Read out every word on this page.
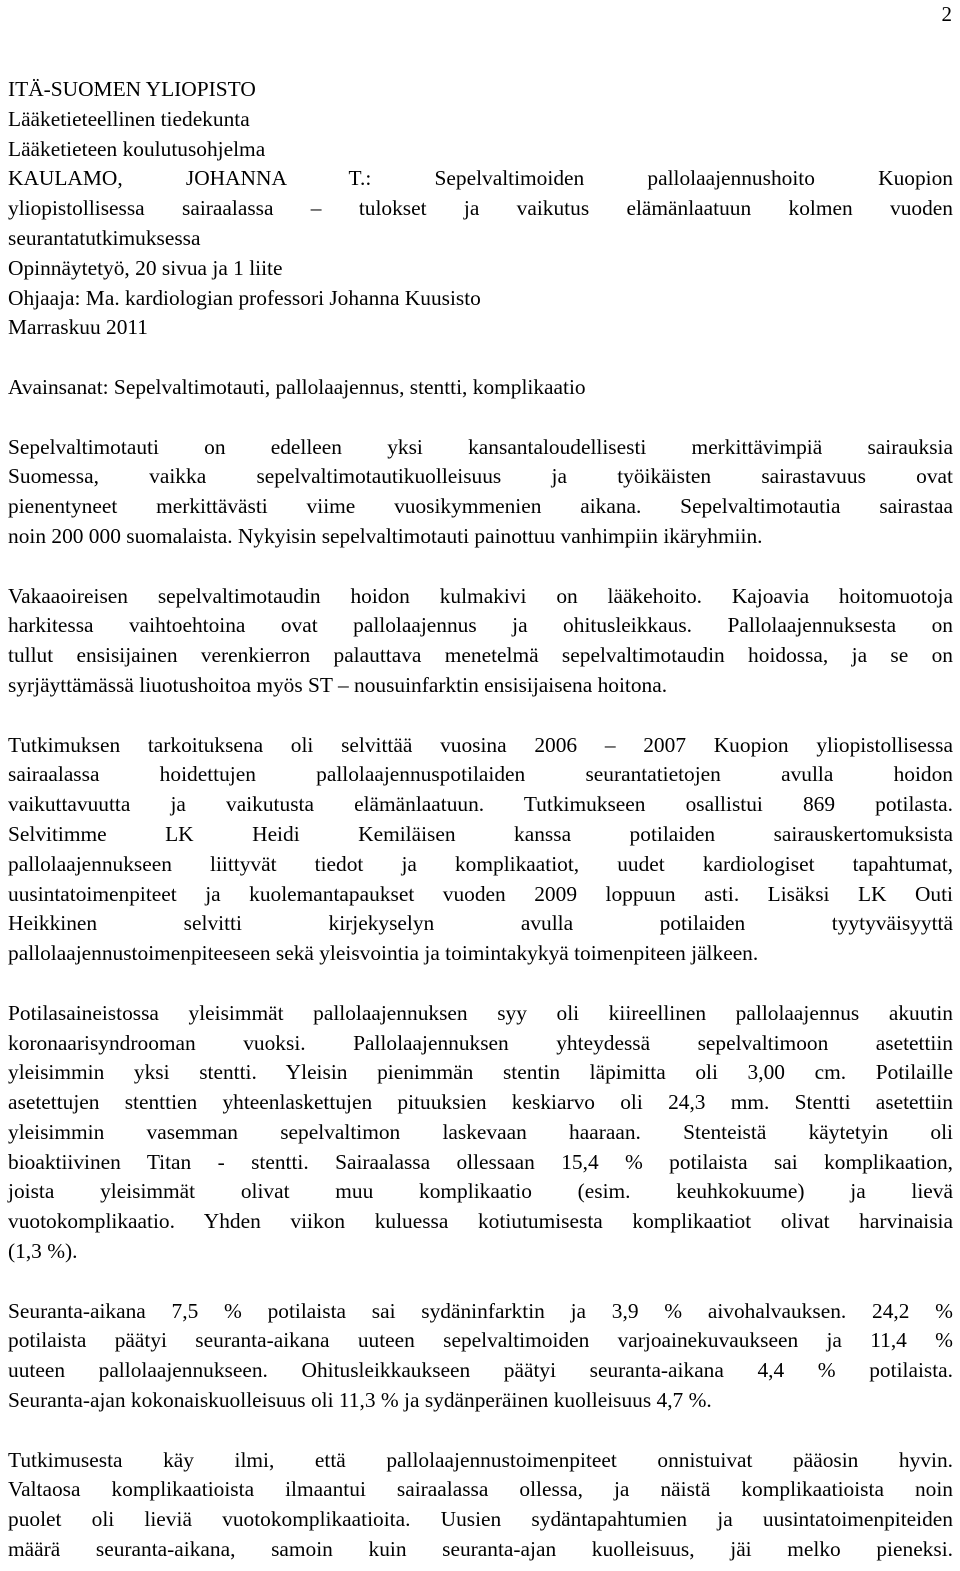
2
ITÄ-SUOMEN YLIOPISTO
Lääketieteellinen tiedekunta
Lääketieteen koulutusohjelma
KAULAMO, JOHANNA T.: Sepelvaltimoiden pallolaajennushoito Kuopion
yliopistollisessa sairaalassa – tulokset ja vaikutus elämänlaatuun kolmen vuoden
seurantatutkimuksessa
Opinnäytetyö, 20 sivua ja 1 liite
Ohjaaja: Ma. kardiologian professori Johanna Kuusisto
Marraskuu 2011
Avainsanat: Sepelvaltimotauti, pallolaajennus, stentti, komplikaatio
Sepelvaltimotauti on edelleen yksi kansantaloudellisesti merkittävimpiä sairauksia
Suomessa, vaikka sepelvaltimotautikuolleisuus ja työikäisten sairastavuus ovat
pienentyneet merkittävästi viime vuosikymmenien aikana. Sepelvaltimotautia sairastaa
noin 200 000 suomalaista. Nykyisin sepelvaltimotauti painottuu vanhimpiin ikäryhmiin.
Vakaaoireisen sepelvaltimotaudin hoidon kulmakivi on lääkehoito. Kajoavia hoitomuotoja
harkitessa vaihtoehtoina ovat pallolaajennus ja ohitusleikkaus. Pallolaajennuksesta on
tullut ensisijainen verenkierron palauttava menetelmä sepelvaltimotaudin hoidossa, ja se on
syrjäyttämässä liuotushoitoa myös ST – nousuinfarktin ensisijaisena hoitona.
Tutkimuksen tarkoituksena oli selvittää vuosina 2006 – 2007 Kuopion yliopistollisessa
sairaalassa hoidettujen pallolaajennuspotilaiden seurantatietojen avulla hoidon
vaikuttavuutta ja vaikutusta elämänlaatuun. Tutkimukseen osallistui 869 potilasta.
Selvitimme LK Heidi Kemiläisen kanssa potilaiden sairauskertomuksista
pallolaajennukseen liittyvät tiedot ja komplikaatiot, uudet kardiologiset tapahtumat,
uusintatoimenpiteet ja kuolemantapaukset vuoden 2009 loppuun asti. Lisäksi LK Outi
Heikkinen selvitti kirjekyselyn avulla potilaiden tyytyväisyyttä
pallolaajennustoimenpiteeseen sekä yleisvointia ja toimintakykyä toimenpiteen jälkeen.
Potilasaineistossa yleisimmät pallolaajennuksen syy oli kiireellinen pallolaajennus akuutin
koronaarisyndrooman vuoksi. Pallolaajennuksen yhteydessä sepelvaltimoon asetettiin
yleisimmin yksi stentti. Yleisin pienimmän stentin läpimitta oli 3,00 cm. Potilaille
asetettujen stenttien yhteenlaskettujen pituuksien keskiarvo oli 24,3 mm. Stentti asetettiin
yleisimmin vasemman sepelvaltimon laskevaan haaraan. Stenteistä käytetyin oli
bioaktiivinen Titan - stentti. Sairaalassa ollessaan 15,4 % potilaista sai komplikaation,
joista yleisimmät olivat muu komplikaatio (esim. keuhkokuume) ja lievä
vuotokomplikaatio. Yhden viikon kuluessa kotiutumisesta komplikaatiot olivat harvinaisia
(1,3 %).
Seuranta-aikana 7,5 % potilaista sai sydäninfarktin ja 3,9 % aivohalvauksen. 24,2 %
potilaista päätyi seuranta-aikana uuteen sepelvaltimoiden varjoainekuvaukseen ja 11,4 %
uuteen pallolaajennukseen. Ohitusleikkaukseen päätyi seuranta-aikana 4,4 % potilaista.
Seuranta-ajan kokonaiskuolleisuus oli 11,3 % ja sydänperäinen kuolleisuus 4,7 %.
Tutkimusesta käy ilmi, että pallolaajennustoimenpiteet onnistuivat pääosin hyvin.
Valtaosa komplikaatioista ilmaantui sairaalassa ollessa, ja näistä komplikaatioista noin
puolet oli lieviä vuotokomplikaatioita. Uusien sydäntapahtumien ja uusintatoimenpiteiden
määrä seuranta-aikana, samoin kuin seuranta-ajan kuolleisuus, jäi melko pieneksi.
